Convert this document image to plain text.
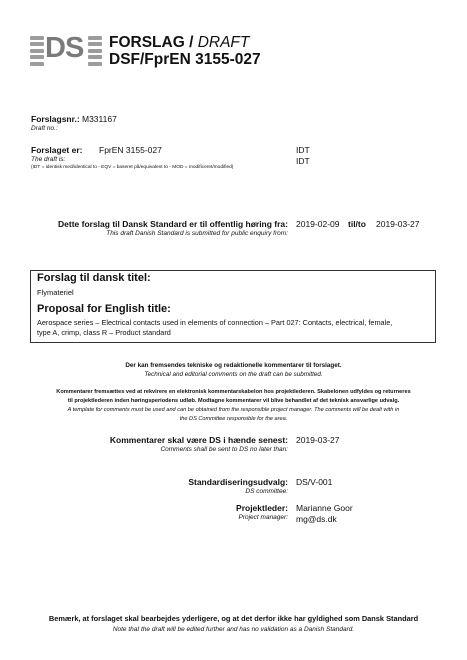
DS FORSLAG / DRAFT
DSF/FprEN 3155-027
Forslagsnr.: M331167
Draft no.:
Forslaget er: FprEN 3155-027	IDT
The draft is:	IDT
(IDT = identisk med/identical to - EQV = baseret på/equivalent to - MOD = modificeret/modified)
Dette forslag til Dansk Standard er til offentlig høring fra: 2019-02-09 til/to 2019-03-27
This draft Danish Standard is submitted for public enquiry from:
Forslag til dansk titel:
Flymateriel
Proposal for English title:
Aerospace series – Electrical contacts used in elements of connection – Part 027: Contacts, electrical, female,
type A, crimp, class R – Product standard
Der kan fremsendes tekniske og redaktionelle kommentarer til forslaget.
Technical and editorial comments on the draft can be submitted.
Kommentarer fremsættes ved at rekvirere en elektronisk kommentarskabelon hos projektlederen. Skabelonen udfyldes og returneres
til projektlederen inden høringsperiodens udløb. Modtagne kommentarer vil blive behandlet af det teknisk ansvarlige udvalg.
A template for comments must be used and can be obtained from the responsible project manager. The comments will be dealt with in
the DS Committee responsible for the area.
Kommentarer skal være DS i hænde senest: 2019-03-27
Comments shall be sent to DS no later than:
Standardiseringsudvalg: DS/V-001
DS committee:
Projektleder: Marianne Goor
Project manager: mg@ds.dk
Bemærk, at forslaget skal bearbejdes yderligere, og at det derfor ikke har gyldighed som Dansk Standard
Note that the draft will be edited further and has no validation as a Danish Standard.
